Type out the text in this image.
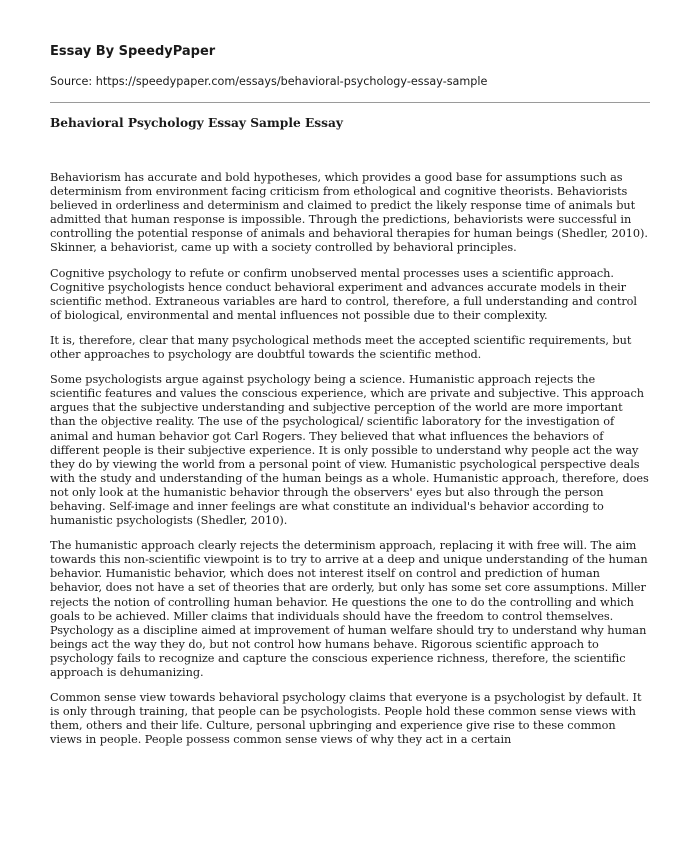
Essay By SpeedyPaper
Source: https://speedypaper.com/essays/behavioral-psychology-essay-sample
Behavioral Psychology Essay Sample Essay

Behaviorism has accurate and bold hypotheses, which provides a good base for assumptions such as determinism from environment facing criticism from ethological and cognitive theorists. Behaviorists believed in orderliness and determinism and claimed to predict the likely response time of animals but admitted that human response is impossible. Through the predictions, behaviorists were successful in controlling the potential response of animals and behavioral therapies for human beings (Shedler, 2010). Skinner, a behaviorist, came up with a society controlled by behavioral principles.

Cognitive psychology to refute or confirm unobserved mental processes uses a scientific approach. Cognitive psychologists hence conduct behavioral experiment and advances accurate models in their scientific method. Extraneous variables are hard to control, therefore, a full understanding and control of biological, environmental and mental influences not possible due to their complexity.

It is, therefore, clear that many psychological methods meet the accepted scientific requirements, but other approaches to psychology are doubtful towards the scientific method.

Some psychologists argue against psychology being a science. Humanistic approach rejects the scientific features and values the conscious experience, which are private and subjective. This approach argues that the subjective understanding and subjective perception of the world are more important than the objective reality. The use of the psychological/ scientific laboratory for the investigation of animal and human behavior got Carl Rogers. They believed that what influences the behaviors of different people is their subjective experience. It is only possible to understand why people act the way they do by viewing the world from a personal point of view. Humanistic psychological perspective deals with the study and understanding of the human beings as a whole. Humanistic approach, therefore, does not only look at the humanistic behavior through the observers' eyes but also through the person behaving. Self-image and inner feelings are what constitute an individual's behavior according to humanistic psychologists (Shedler, 2010).

The humanistic approach clearly rejects the determinism approach, replacing it with free will. The aim towards this non-scientific viewpoint is to try to arrive at a deep and unique understanding of the human behavior. Humanistic behavior, which does not interest itself on control and prediction of human behavior, does not have a set of theories that are orderly, but only has some set core assumptions. Miller rejects the notion of controlling human behavior. He questions the one to do the controlling and which goals to be achieved. Miller claims that individuals should have the freedom to control themselves. Psychology as a discipline aimed at improvement of human welfare should try to understand why human beings act the way they do, but not control how humans behave. Rigorous scientific approach to psychology fails to recognize and capture the conscious experience richness, therefore, the scientific approach is dehumanizing.

Common sense view towards behavioral psychology claims that everyone is a psychologist by default. It is only through training, that people can be psychologists. People hold these common sense views with them, others and their life. Culture, personal upbringing and experience give rise to these common views in people. People possess common sense views of why they act in a certain
